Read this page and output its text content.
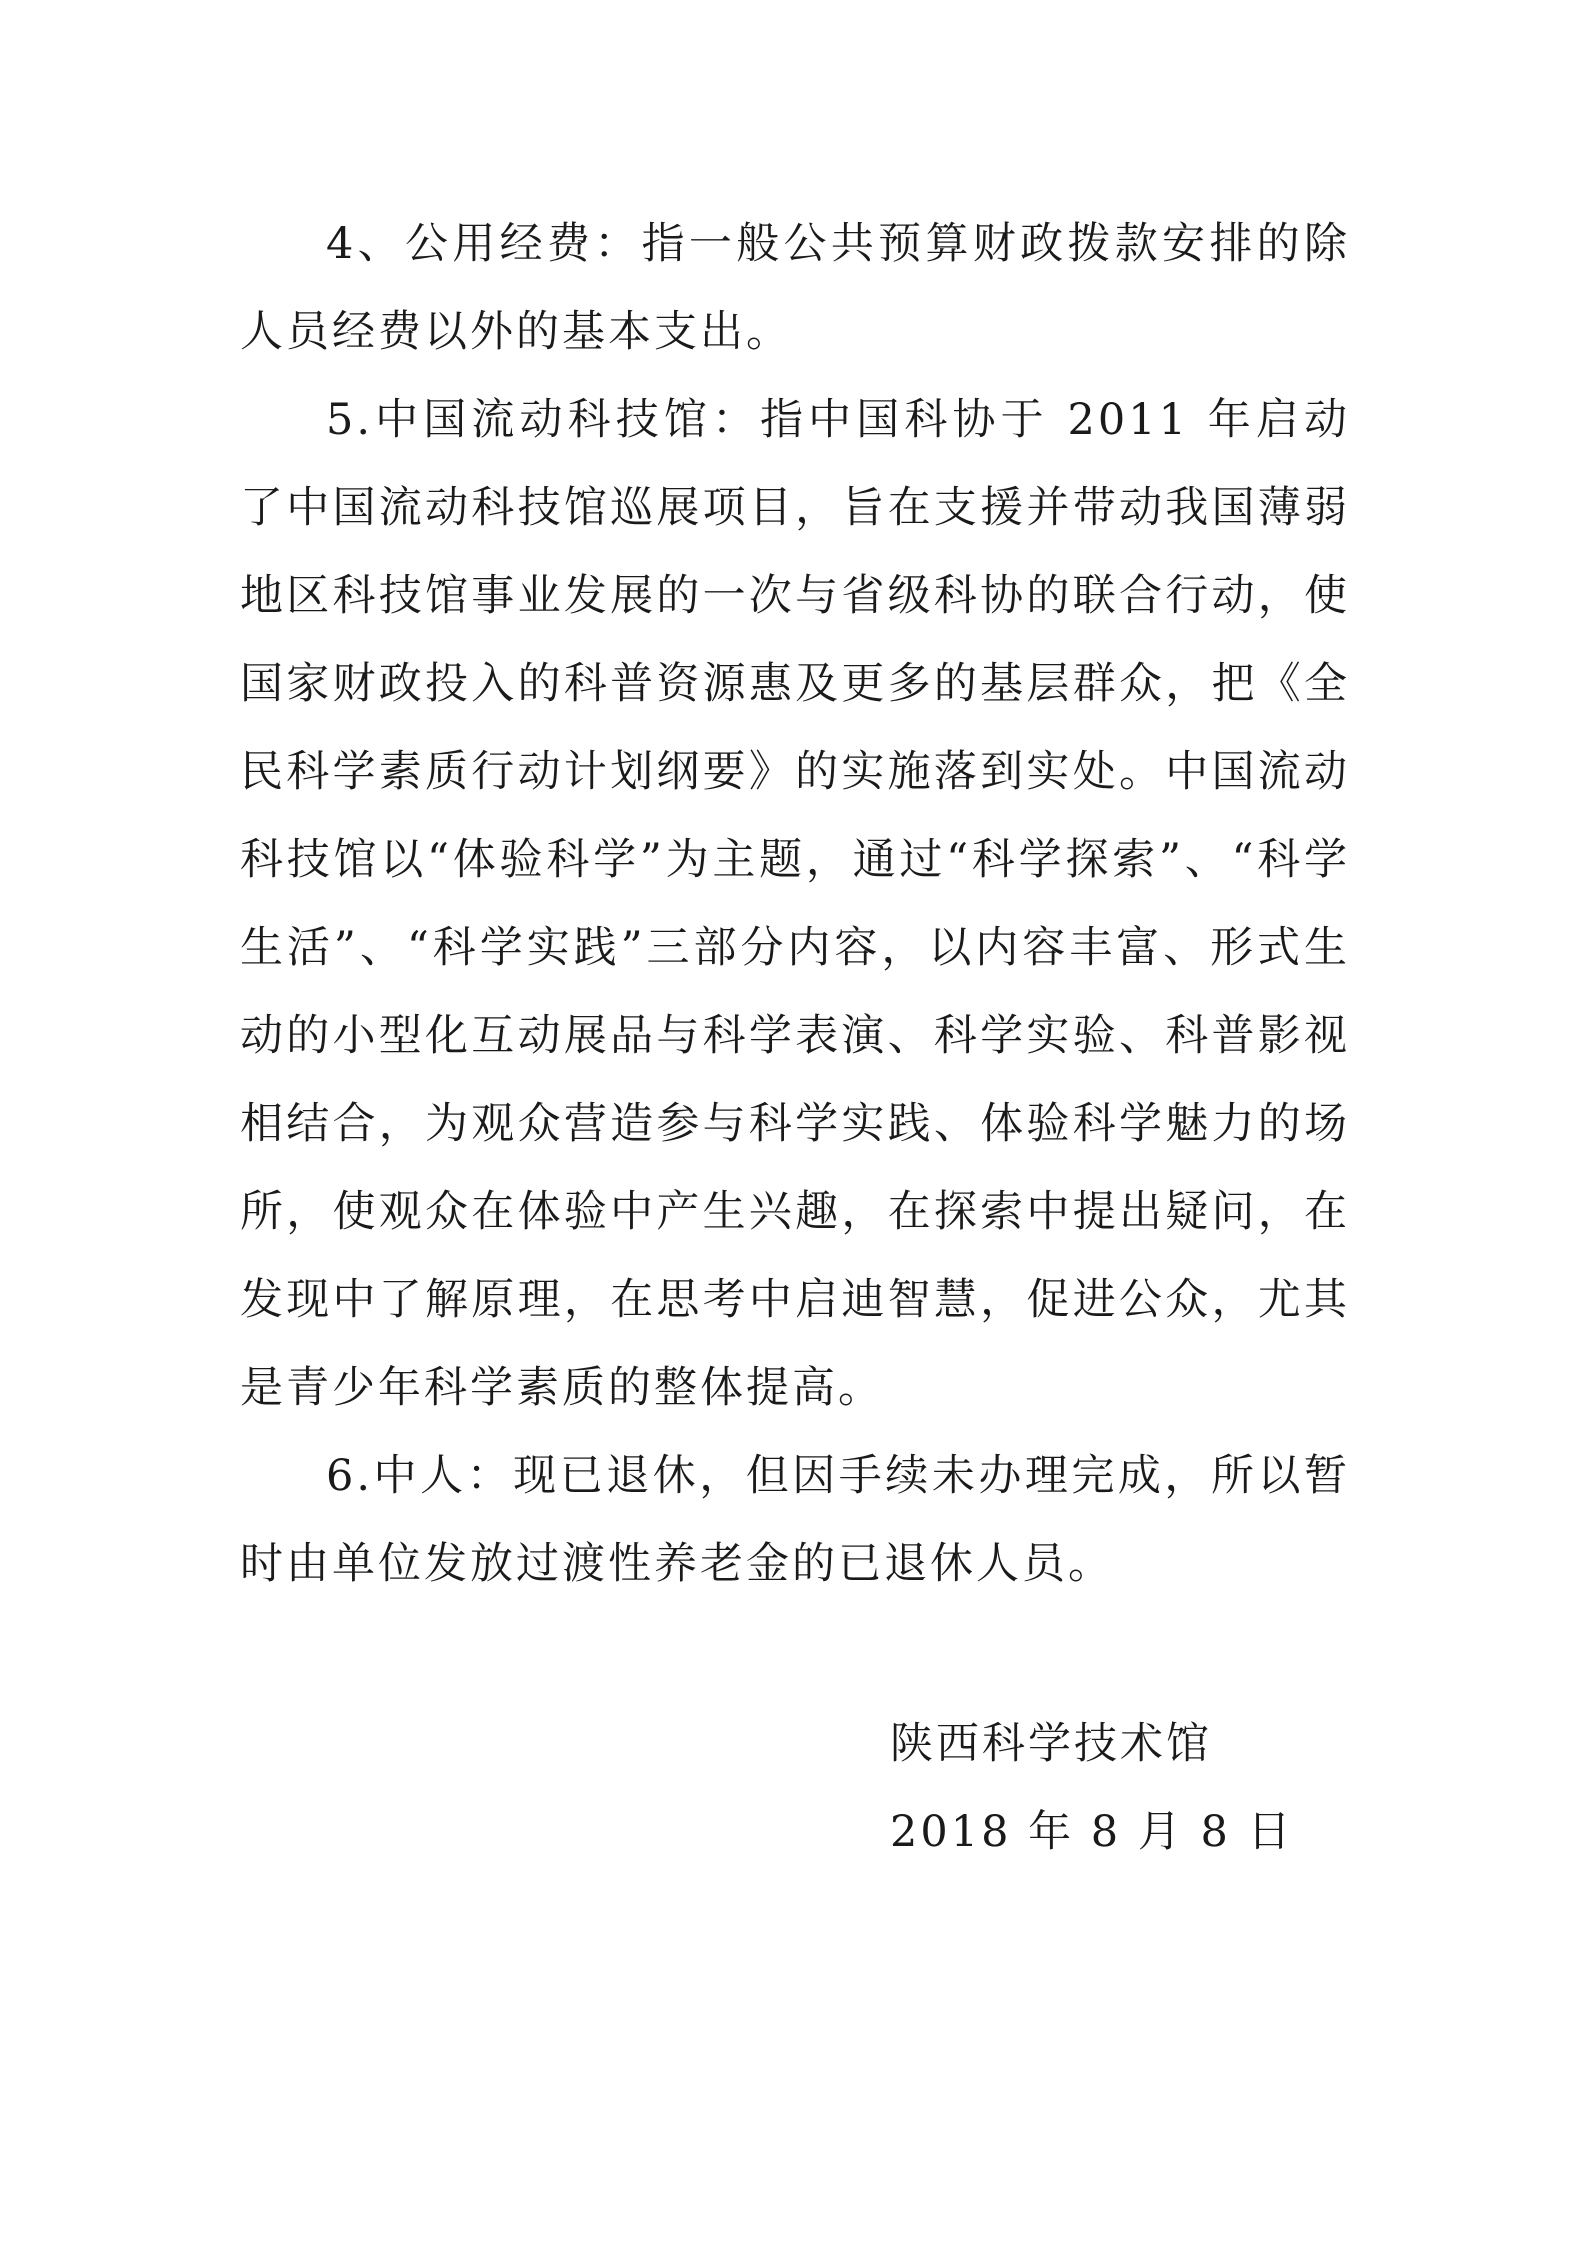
4、公用经费：指一般公共预算财政拨款安排的除人员经费以外的基本支出。

5.中国流动科技馆：指中国科协于 2011 年启动了中国流动科技馆巡展项目，旨在支援并带动我国薄弱地区科技馆事业发展的一次与省级科协的联合行动，使国家财政投入的科普资源惠及更多的基层群众，把《全民科学素质行动计划纲要》的实施落到实处。中国流动科技馆以“体验科学”为主题，通过“科学探索”、“科学生活”、“科学实践”三部分内容，以内容丰富、形式生动的小型化互动展品与科学表演、科学实验、科普影视相结合，为观众营造参与科学实践、体验科学魅力的场所，使观众在体验中产生兴趣，在探索中提出疑问，在发现中了解原理，在思考中启迪智慧，促进公众，尤其是青少年科学素质的整体提高。

6.中人：现已退休，但因手续未办理完成，所以暂时由单位发放过渡性养老金的已退休人员。

陕西科学技术馆
2018 年 8 月 8 日
